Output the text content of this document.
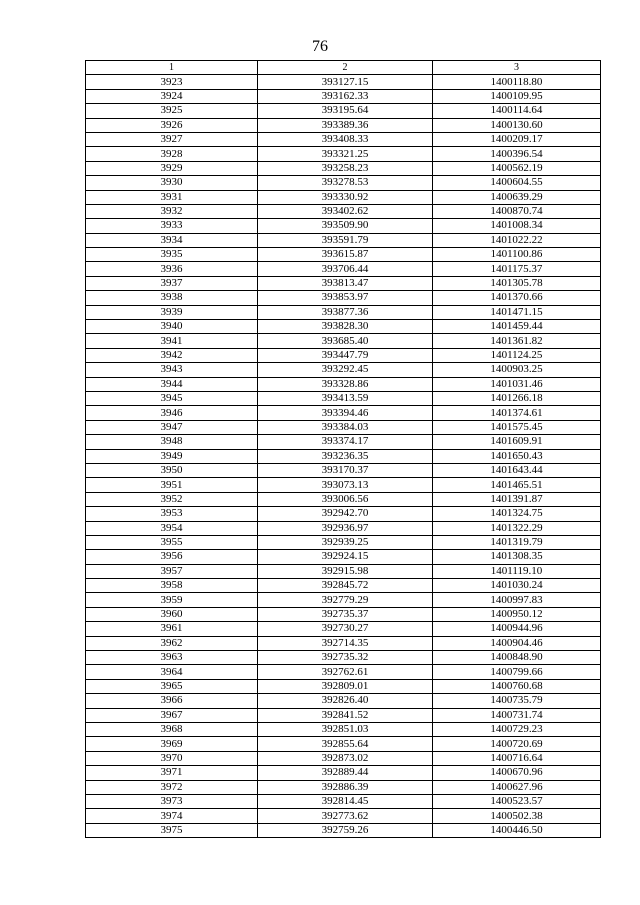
76
1	2	3
3923	393127.15	1400118.80
3924	393162.33	1400109.95
3925	393195.64	1400114.64
3926	393389.36	1400130.60
3927	393408.33	1400209.17
3928	393321.25	1400396.54
3929	393258.23	1400562.19
3930	393278.53	1400604.55
3931	393330.92	1400639.29
3932	393402.62	1400870.74
3933	393509.90	1401008.34
3934	393591.79	1401022.22
3935	393615.87	1401100.86
3936	393706.44	1401175.37
3937	393813.47	1401305.78
3938	393853.97	1401370.66
3939	393877.36	1401471.15
3940	393828.30	1401459.44
3941	393685.40	1401361.82
3942	393447.79	1401124.25
3943	393292.45	1400903.25
3944	393328.86	1401031.46
3945	393413.59	1401266.18
3946	393394.46	1401374.61
3947	393384.03	1401575.45
3948	393374.17	1401609.91
3949	393236.35	1401650.43
3950	393170.37	1401643.44
3951	393073.13	1401465.51
3952	393006.56	1401391.87
3953	392942.70	1401324.75
3954	392936.97	1401322.29
3955	392939.25	1401319.79
3956	392924.15	1401308.35
3957	392915.98	1401119.10
3958	392845.72	1401030.24
3959	392779.29	1400997.83
3960	392735.37	1400950.12
3961	392730.27	1400944.96
3962	392714.35	1400904.46
3963	392735.32	1400848.90
3964	392762.61	1400799.66
3965	392809.01	1400760.68
3966	392826.40	1400735.79
3967	392841.52	1400731.74
3968	392851.03	1400729.23
3969	392855.64	1400720.69
3970	392873.02	1400716.64
3971	392889.44	1400670.96
3972	392886.39	1400627.96
3973	392814.45	1400523.57
3974	392773.62	1400502.38
3975	392759.26	1400446.50
